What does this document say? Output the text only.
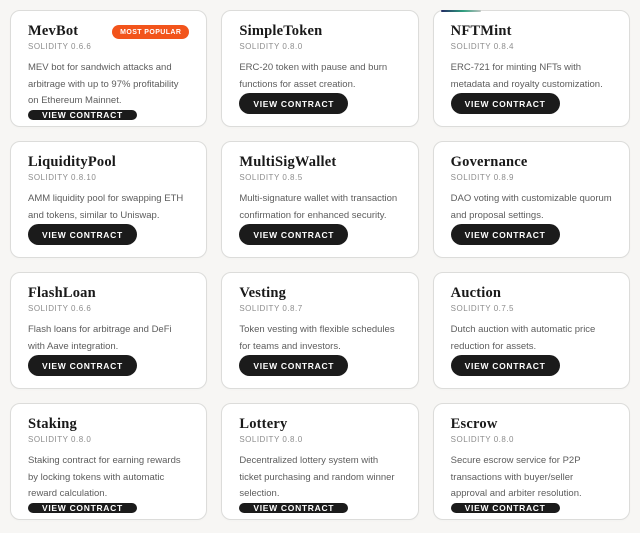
MevBot
SOLIDITY 0.6.6
MOST POPULAR
MEV bot for sandwich attacks and arbitrage with up to 97% profitability on Ethereum Mainnet.
VIEW CONTRACT
SimpleToken
SOLIDITY 0.8.0
ERC-20 token with pause and burn functions for asset creation.
VIEW CONTRACT
NFTMint
SOLIDITY 0.8.4
ERC-721 for minting NFTs with metadata and royalty customization.
VIEW CONTRACT
LiquidityPool
SOLIDITY 0.8.10
AMM liquidity pool for swapping ETH and tokens, similar to Uniswap.
VIEW CONTRACT
MultiSigWallet
SOLIDITY 0.8.5
Multi-signature wallet with transaction confirmation for enhanced security.
VIEW CONTRACT
Governance
SOLIDITY 0.8.9
DAO voting with customizable quorum and proposal settings.
VIEW CONTRACT
FlashLoan
SOLIDITY 0.6.6
Flash loans for arbitrage and DeFi with Aave integration.
VIEW CONTRACT
Vesting
SOLIDITY 0.8.7
Token vesting with flexible schedules for teams and investors.
VIEW CONTRACT
Auction
SOLIDITY 0.7.5
Dutch auction with automatic price reduction for assets.
VIEW CONTRACT
Staking
SOLIDITY 0.8.0
Staking contract for earning rewards by locking tokens with automatic reward calculation.
VIEW CONTRACT
Lottery
SOLIDITY 0.8.0
Decentralized lottery system with ticket purchasing and random winner selection.
VIEW CONTRACT
Escrow
SOLIDITY 0.8.0
Secure escrow service for P2P transactions with buyer/seller approval and arbiter resolution.
VIEW CONTRACT
